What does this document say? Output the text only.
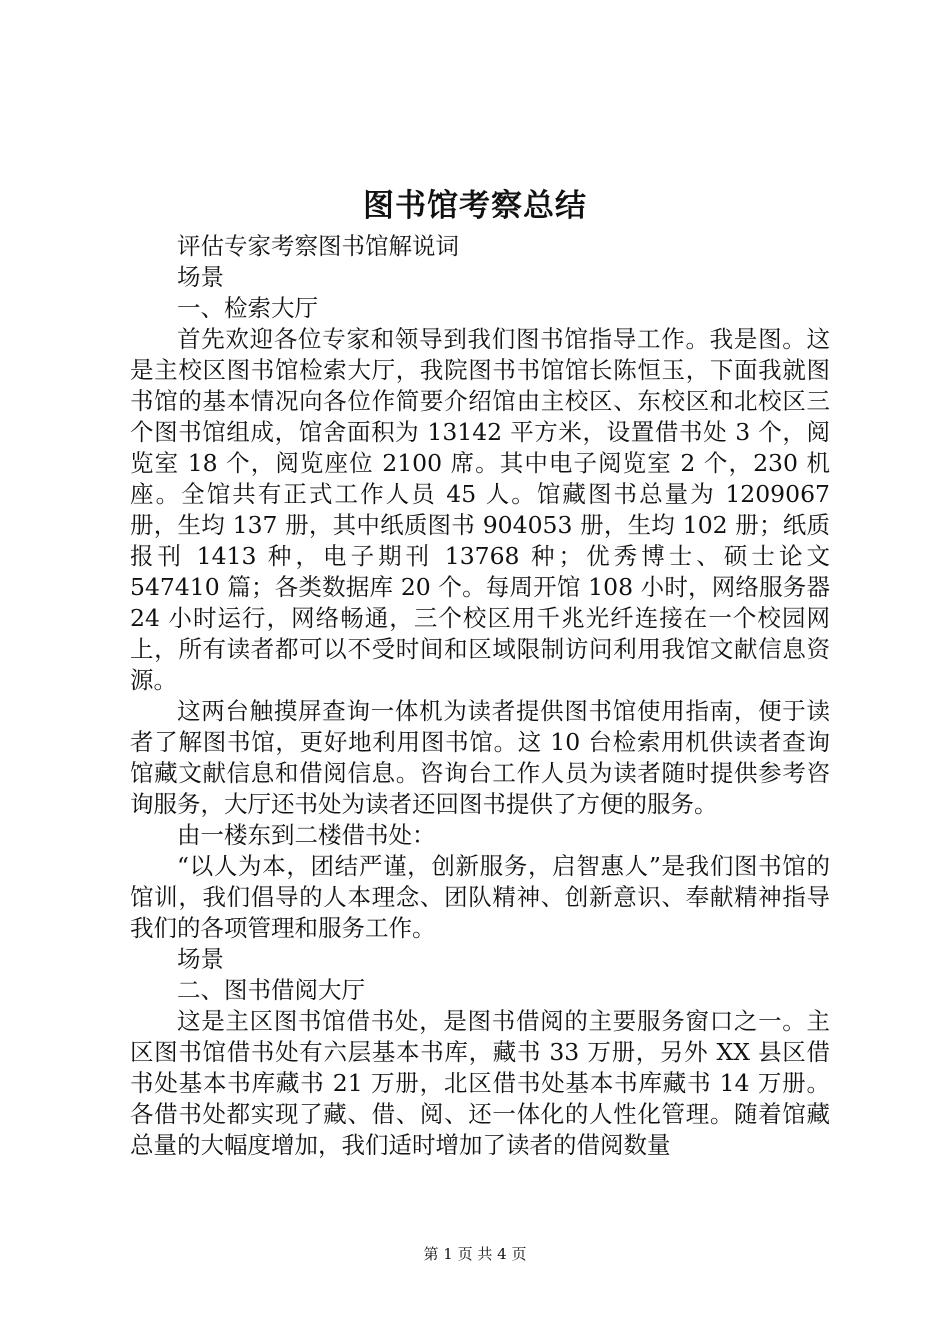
图书馆考察总结

评估专家考察图书馆解说词

场景

一、检索大厅

首先欢迎各位专家和领导到我们图书馆指导工作。我是图。这是主校区图书馆检索大厅，我院图书书馆馆长陈恒玉，下面我就图书馆的基本情况向各位作简要介绍馆由主校区、东校区和北校区三个图书馆组成，馆舍面积为 13142 平方米，设置借书处 3 个，阅览室 18 个，阅览座位 2100 席。其中电子阅览室 2 个，230 机座。全馆共有正式工作人员 45 人。馆藏图书总量为 1209067 册，生均 137 册，其中纸质图书 904053 册，生均 102 册；纸质报刊 1413 种，电子期刊 13768 种；优秀博士、硕士论文 547410 篇；各类数据库 20 个。每周开馆 108 小时，网络服务器 24 小时运行，网络畅通，三个校区用千兆光纤连接在一个校园网上，所有读者都可以不受时间和区域限制访问利用我馆文献信息资源。

这两台触摸屏查询一体机为读者提供图书馆使用指南，便于读者了解图书馆，更好地利用图书馆。这 10 台检索用机供读者查询馆藏文献信息和借阅信息。咨询台工作人员为读者随时提供参考咨询服务，大厅还书处为读者还回图书提供了方便的服务。

由一楼东到二楼借书处：

“以人为本，团结严谨，创新服务，启智惠人”是我们图书馆的馆训，我们倡导的人本理念、团队精神、创新意识、奉献精神指导我们的各项管理和服务工作。

场景

二、图书借阅大厅

这是主区图书馆借书处，是图书借阅的主要服务窗口之一。主区图书馆借书处有六层基本书库，藏书 33 万册，另外 XX 县区借书处基本书库藏书 21 万册，北区借书处基本书库藏书 14 万册。各借书处都实现了藏、借、阅、还一体化的人性化管理。随着馆藏总量的大幅度增加，我们适时增加了读者的借阅数量

第 1 页 共 4 页
